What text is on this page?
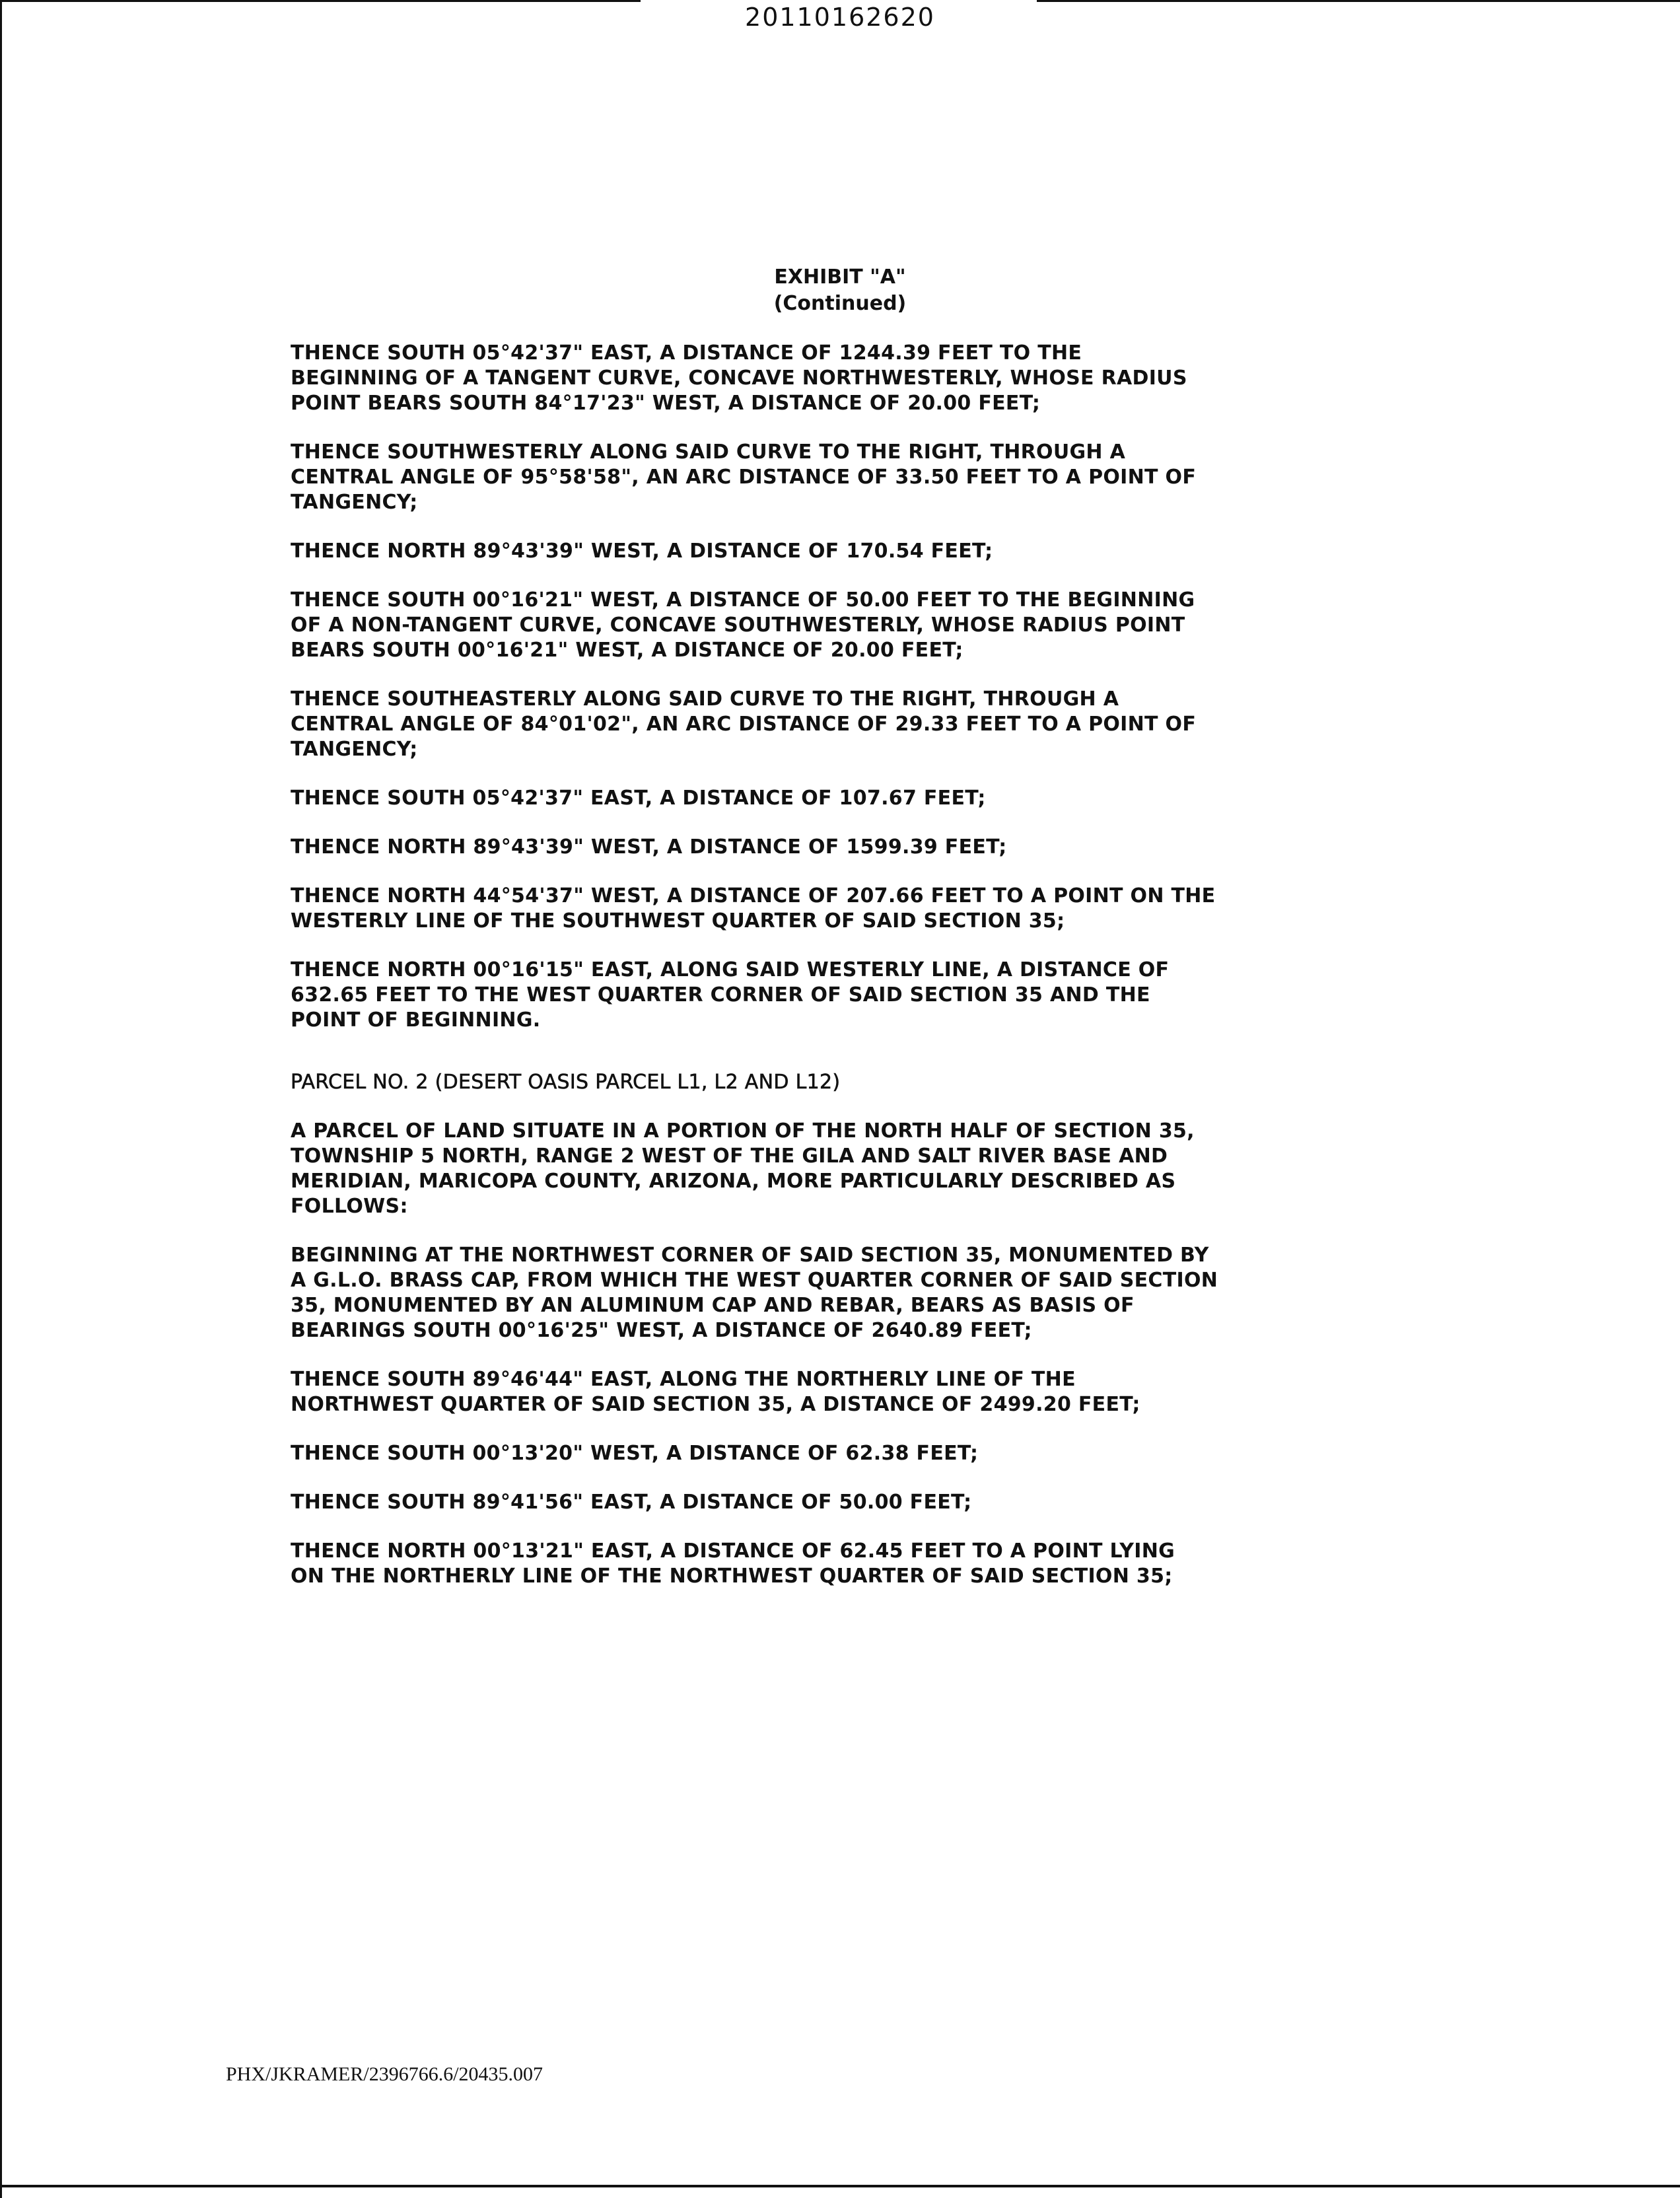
20110162620
EXHIBIT "A"
(Continued)

THENCE SOUTH 05°42'37" EAST, A DISTANCE OF 1244.39 FEET TO THE
BEGINNING OF A TANGENT CURVE, CONCAVE NORTHWESTERLY, WHOSE RADIUS
POINT BEARS SOUTH 84°17'23" WEST, A DISTANCE OF 20.00 FEET;

THENCE SOUTHWESTERLY ALONG SAID CURVE TO THE RIGHT, THROUGH A
CENTRAL ANGLE OF 95°58'58", AN ARC DISTANCE OF 33.50 FEET TO A POINT OF
TANGENCY;

THENCE NORTH 89°43'39" WEST, A DISTANCE OF 170.54 FEET;

THENCE SOUTH 00°16'21" WEST, A DISTANCE OF 50.00 FEET TO THE BEGINNING
OF A NON-TANGENT CURVE, CONCAVE SOUTHWESTERLY, WHOSE RADIUS POINT
BEARS SOUTH 00°16'21" WEST, A DISTANCE OF 20.00 FEET;

THENCE SOUTHEASTERLY ALONG SAID CURVE TO THE RIGHT, THROUGH A
CENTRAL ANGLE OF 84°01'02", AN ARC DISTANCE OF 29.33 FEET TO A POINT OF
TANGENCY;

THENCE SOUTH 05°42'37" EAST, A DISTANCE OF 107.67 FEET;

THENCE NORTH 89°43'39" WEST, A DISTANCE OF 1599.39 FEET;

THENCE NORTH 44°54'37" WEST, A DISTANCE OF 207.66 FEET TO A POINT ON THE
WESTERLY LINE OF THE SOUTHWEST QUARTER OF SAID SECTION 35;

THENCE NORTH 00°16'15" EAST, ALONG SAID WESTERLY LINE, A DISTANCE OF
632.65 FEET TO THE WEST QUARTER CORNER OF SAID SECTION 35 AND THE
POINT OF BEGINNING.

PARCEL NO. 2 (DESERT OASIS PARCEL L1, L2 AND L12)

A PARCEL OF LAND SITUATE IN A PORTION OF THE NORTH HALF OF SECTION 35,
TOWNSHIP 5 NORTH, RANGE 2 WEST OF THE GILA AND SALT RIVER BASE AND
MERIDIAN, MARICOPA COUNTY, ARIZONA, MORE PARTICULARLY DESCRIBED AS
FOLLOWS:

BEGINNING AT THE NORTHWEST CORNER OF SAID SECTION 35, MONUMENTED BY
A G.L.O. BRASS CAP, FROM WHICH THE WEST QUARTER CORNER OF SAID SECTION
35, MONUMENTED BY AN ALUMINUM CAP AND REBAR, BEARS AS BASIS OF
BEARINGS SOUTH 00°16'25" WEST, A DISTANCE OF 2640.89 FEET;

THENCE SOUTH 89°46'44" EAST, ALONG THE NORTHERLY LINE OF THE
NORTHWEST QUARTER OF SAID SECTION 35, A DISTANCE OF 2499.20 FEET;

THENCE SOUTH 00°13'20" WEST, A DISTANCE OF 62.38 FEET;

THENCE SOUTH 89°41'56" EAST, A DISTANCE OF 50.00 FEET;

THENCE NORTH 00°13'21" EAST, A DISTANCE OF 62.45 FEET TO A POINT LYING
ON THE NORTHERLY LINE OF THE NORTHWEST QUARTER OF SAID SECTION 35;

PHX/JKRAMER/2396766.6/20435.007
